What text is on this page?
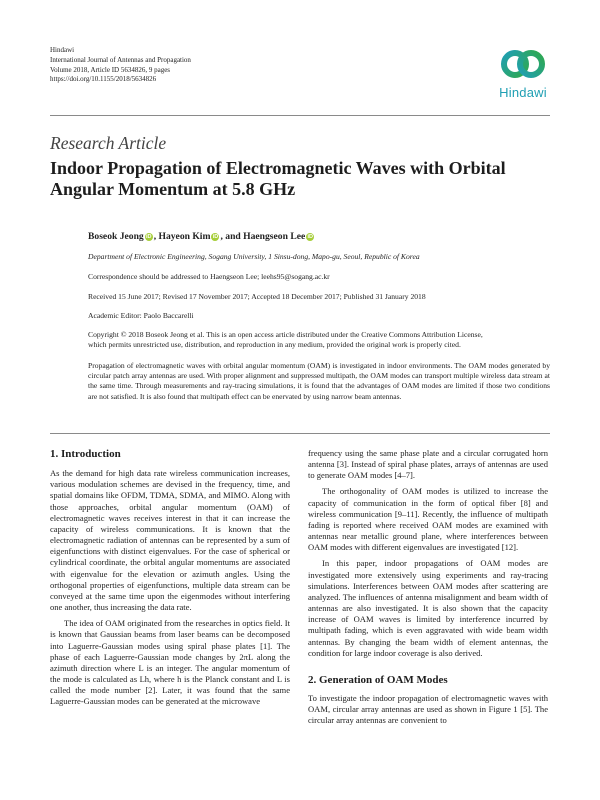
Hindawi
International Journal of Antennas and Propagation
Volume 2018, Article ID 5634826, 9 pages
https://doi.org/10.1155/2018/5634826
Hindawi
Research Article
Indoor Propagation of Electromagnetic Waves with Orbital
Angular Momentum at 5.8 GHz
Boseok Jeong iD , Hayeon Kim iD , and Haengseon Lee iD
Department of Electronic Engineering, Sogang University, 1 Sinsu-dong, Mapo-gu, Seoul, Republic of Korea
Correspondence should be addressed to Haengseon Lee; leehs95@sogang.ac.kr
Received 15 June 2017; Revised 17 November 2017; Accepted 18 December 2017; Published 31 January 2018
Academic Editor: Paolo Baccarelli
Copyright © 2018 Boseok Jeong et al. This is an open access article distributed under the Creative Commons Attribution License,
which permits unrestricted use, distribution, and reproduction in any medium, provided the original work is properly cited.
Propagation of electromagnetic waves with orbital angular momentum (OAM) is investigated in indoor environments. The OAM modes generated by circular patch array antennas are used. With proper alignment and suppressed multipath, the OAM modes can transport multiple wireless data stream at the same time. Through measurements and ray-tracing simulations, it is found that the advantages of OAM modes are limited if those two conditions are not satisfied. It is also found that multipath effect can be enervated by using narrow beam antennas.
1. Introduction

As the demand for high data rate wireless communication increases, various modulation schemes are devised in the frequency, time, and spatial domains like OFDM, TDMA, SDMA, and MIMO. Along with those approaches, orbital angular momentum (OAM) of electromagnetic waves receives interest in that it can increase the capacity of wireless communications. It is known that the electromagnetic radiation of antennas can be represented by a sum of eigenfunctions with distinct eigenvalues. For the case of spherical or cylindrical coordinate, the orbital angular momentums are associated with eigenvalue for the elevation or azimuth angles. Using the orthogonal properties of eigenfunctions, multiple data stream can be conveyed at the same time upon the eigenmodes without interfering one another, thus increasing the data rate.

The idea of OAM originated from the researches in optics field. It is known that Gaussian beams from laser beams can be decomposed into Laguerre-Gaussian modes using spiral phase plates [1]. The phase of each Laguerre-Gaussian mode changes by 2πL along the azimuth direction where L is an integer. The angular momentum of the mode is calculated as Lh, where h is the Planck constant and L is called the mode number [2]. Later, it was found that the same Laguerre-Gaussian modes can be generated at the microwave

frequency using the same phase plate and a circular corrugated horn antenna [3]. Instead of spiral phase plates, arrays of antennas are used to generate OAM modes [4–7].

The orthogonality of OAM modes is utilized to increase the capacity of communication in the form of optical fiber [8] and wireless communication [9–11]. Recently, the influence of multipath fading is reported where received OAM modes are examined with antennas near metallic ground plane, where interferences between OAM modes with different eigenvalues are investigated [12].

In this paper, indoor propagations of OAM modes are investigated more extensively using experiments and ray-tracing simulations. Interferences between OAM modes after scattering are analyzed. The influences of antenna misalignment and beam width of antennas are also investigated. It is also shown that the capacity increase of OAM waves is limited by interference incurred by multipath fading, which is even aggravated with wide beam width antennas. By changing the beam width of element antennas, the condition for large indoor coverage is also derived.

2. Generation of OAM Modes

To investigate the indoor propagation of electromagnetic waves with OAM, circular array antennas are used as shown in Figure 1 [5]. The circular array antennas are convenient to
